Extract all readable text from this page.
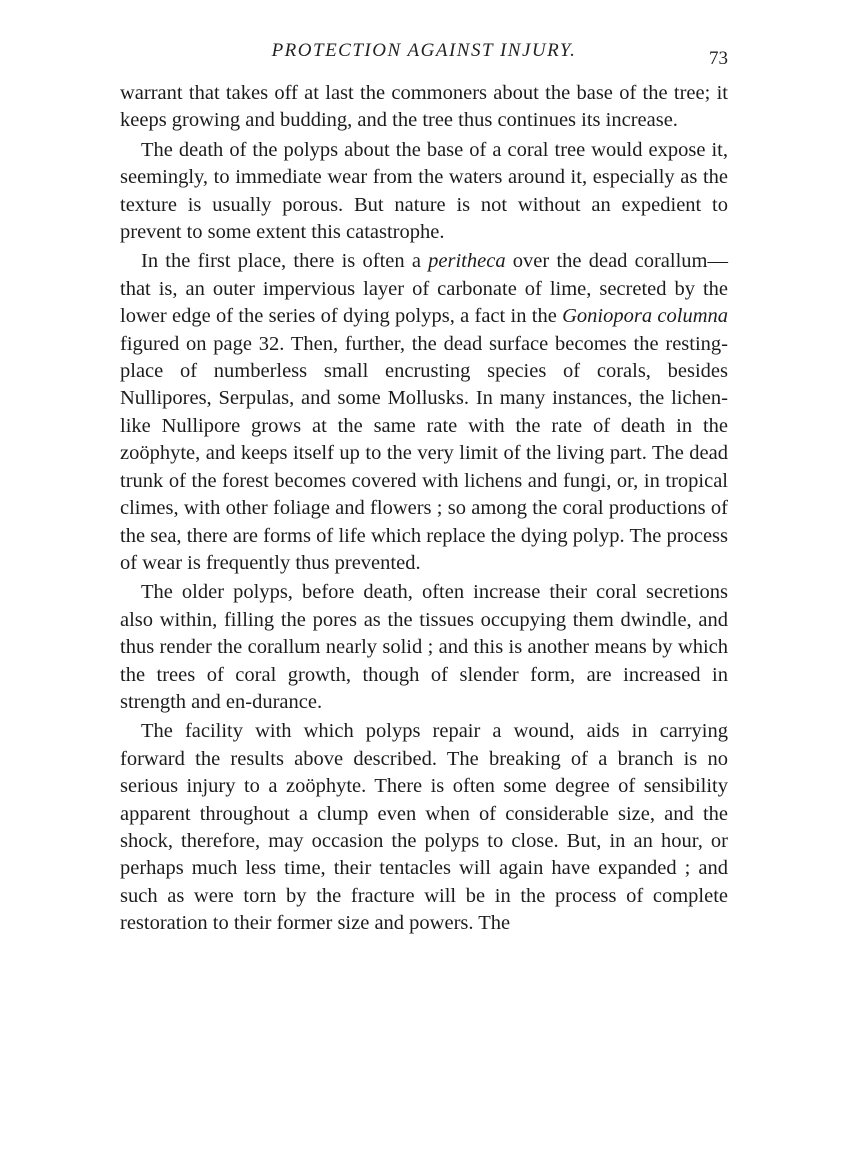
PROTECTION AGAINST INJURY.	73

warrant that takes off at last the commoners about the base of the tree; it keeps growing and budding, and the tree thus continues its increase.

The death of the polyps about the base of a coral tree would expose it, seemingly, to immediate wear from the waters around it, especially as the texture is usually porous. But nature is not without an expedient to prevent to some extent this catastrophe.

In the first place, there is often a peritheca over the dead corallum—that is, an outer impervious layer of carbonate of lime, secreted by the lower edge of the series of dying polyps, a fact in the Goniopora columna figured on page 32. Then, further, the dead surface becomes the resting-place of numberless small encrusting species of corals, besides Nullipores, Serpulas, and some Mollusks. In many instances, the lichen-like Nullipore grows at the same rate with the rate of death in the zoöphyte, and keeps itself up to the very limit of the living part. The dead trunk of the forest becomes covered with lichens and fungi, or, in tropical climes, with other foliage and flowers ; so among the coral productions of the sea, there are forms of life which replace the dying polyp. The process of wear is frequently thus prevented.

The older polyps, before death, often increase their coral secretions also within, filling the pores as the tissues occupying them dwindle, and thus render the corallum nearly solid ; and this is another means by which the trees of coral growth, though of slender form, are increased in strength and en-durance.

The facility with which polyps repair a wound, aids in carrying forward the results above described. The breaking of a branch is no serious injury to a zoöphyte. There is often some degree of sensibility apparent throughout a clump even when of considerable size, and the shock, therefore, may occasion the polyps to close. But, in an hour, or perhaps much less time, their tentacles will again have expanded ; and such as were torn by the fracture will be in the process of complete restoration to their former size and powers. The
